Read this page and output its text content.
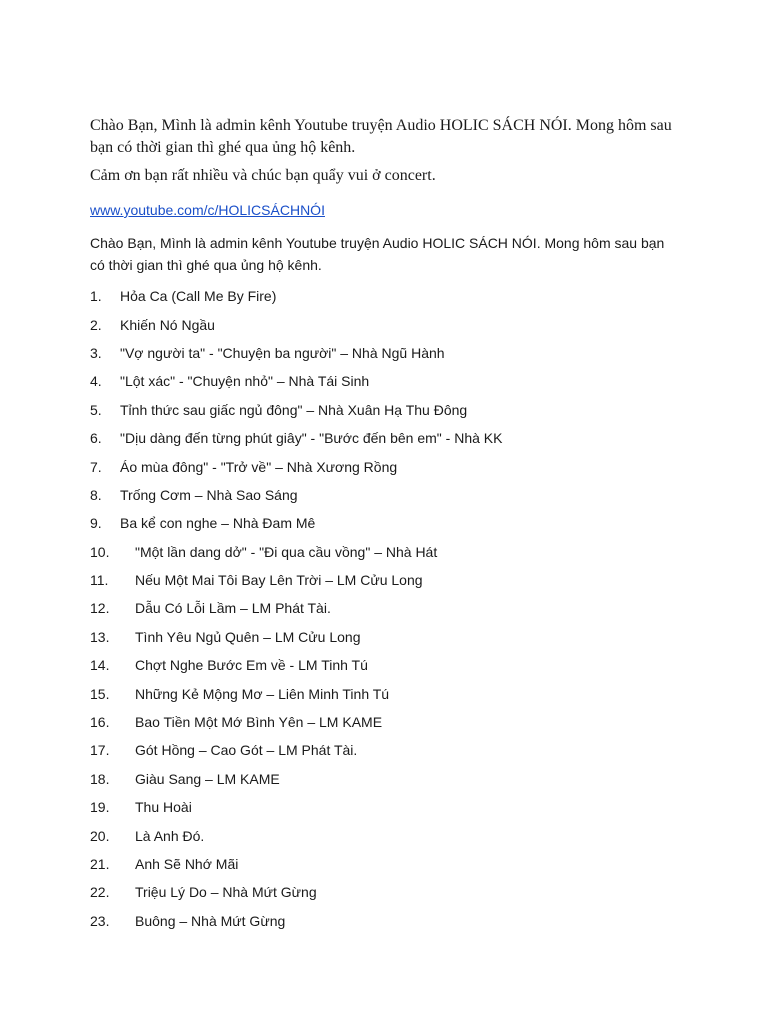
Chào Bạn, Mình là admin kênh Youtube truyện Audio HOLIC SÁCH NÓI. Mong hôm sau bạn có thời gian thì ghé qua ủng hộ kênh.

Cảm ơn bạn rất nhiều và chúc bạn quẩy vui ở concert.

www.youtube.com/c/HOLICSÁCHNÓI

Chào Bạn, Mình là admin kênh Youtube truyện Audio HOLIC SÁCH NÓI. Mong hôm sau bạn có thời gian thì ghé qua ủng hộ kênh.

1.	Hỏa Ca (Call Me By Fire)
2.	Khiến Nó Ngầu
3.	"Vợ người ta" - "Chuyện ba người" – Nhà Ngũ Hành
4.	"Lột xác" - "Chuyện nhỏ" – Nhà Tái Sinh
5.	Tỉnh thức sau giấc ngủ đông" – Nhà Xuân Hạ Thu Đông
6.	"Dịu dàng đến từng phút giây" - "Bước đến bên em" - Nhà KK
7.	Áo mùa đông" - "Trở về" – Nhà Xương Rồng
8.	Trống Cơm – Nhà Sao Sáng
9.	Ba kể con nghe – Nhà Đam Mê
10.	"Một lần dang dở" - "Đi qua cầu vồng" – Nhà Hát
11.	Nếu Một Mai Tôi Bay Lên Trời – LM Cửu Long
12.	Dẫu Có Lỗi Lầm – LM Phát Tài.
13.	Tình Yêu Ngủ Quên – LM Cửu Long
14.	Chợt Nghe Bước Em về - LM Tinh Tú
15.	Những Kẻ Mộng Mơ – Liên Minh Tinh Tú
16.	Bao Tiền Một Mớ Bình Yên – LM KAME
17.	Gót Hồng – Cao Gót – LM Phát Tài.
18.	Giàu Sang – LM KAME
19.	Thu Hoài
20.	Là Anh Đó.
21.	Anh Sẽ Nhớ Mãi
22.	Triệu Lý Do – Nhà Mứt Gừng
23.	Buông – Nhà Mứt Gừng
